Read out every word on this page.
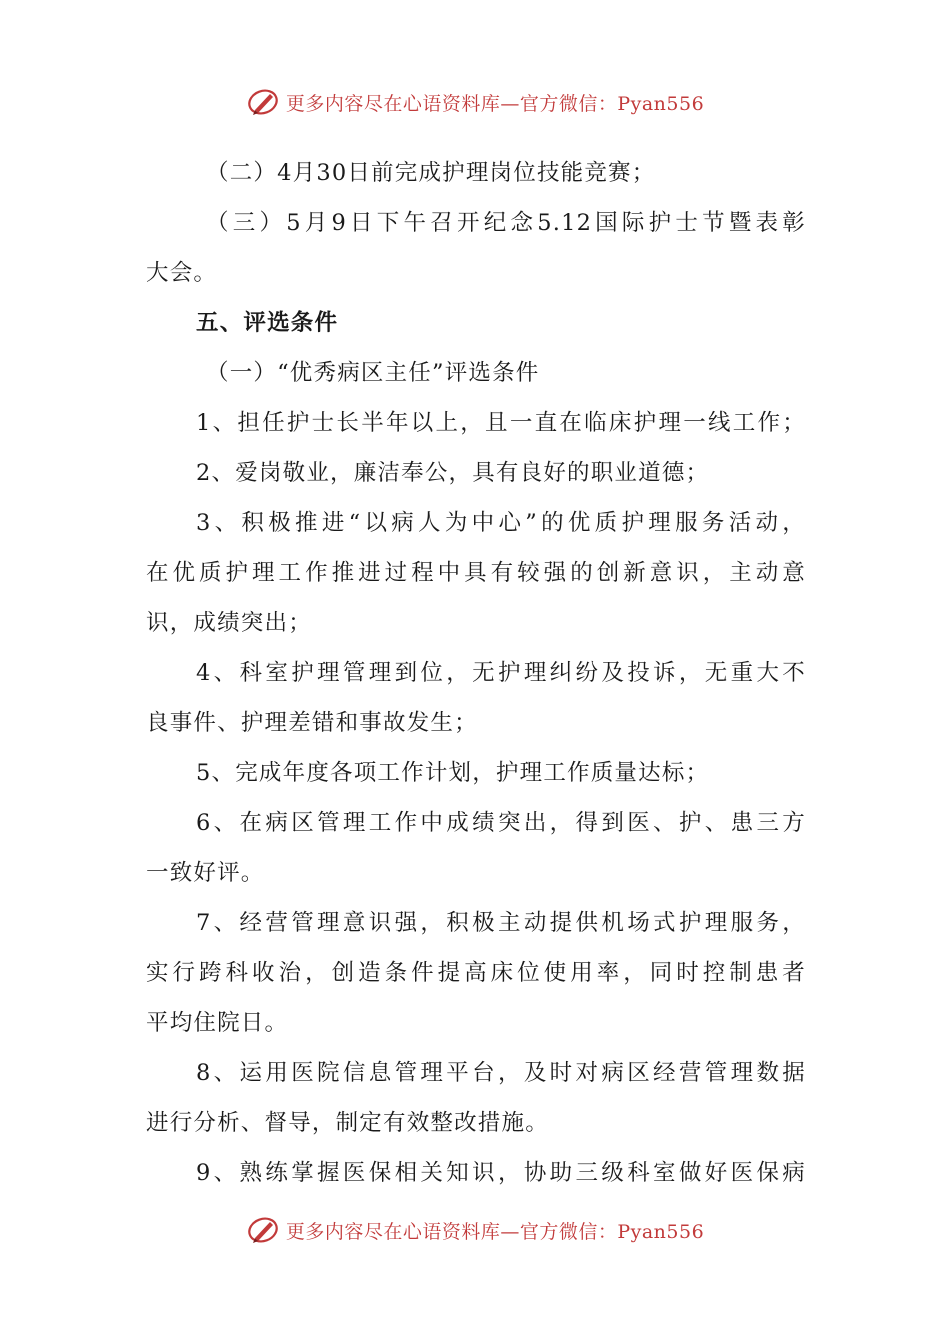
更多内容尽在心语资料库—官方微信：Pyan556
（二）4月30日前完成护理岗位技能竞赛；
（三）5月9日下午召开纪念5.12国际护士节暨表彰
大会。
五、评选条件
（一）“优秀病区主任”评选条件
1、担任护士长半年以上，且一直在临床护理一线工作；
2、爱岗敬业，廉洁奉公，具有良好的职业道德；
3、积极推进“以病人为中心”的优质护理服务活动，
在优质护理工作推进过程中具有较强的创新意识，主动意
识，成绩突出；
4、科室护理管理到位，无护理纠纷及投诉，无重大不
良事件、护理差错和事故发生；
5、完成年度各项工作计划，护理工作质量达标；
6、在病区管理工作中成绩突出，得到医、护、患三方
一致好评。
7、经营管理意识强，积极主动提供机场式护理服务，
实行跨科收治，创造条件提高床位使用率，同时控制患者
平均住院日。
8、运用医院信息管理平台，及时对病区经营管理数据
进行分析、督导，制定有效整改措施。
9、熟练掌握医保相关知识，协助三级科室做好医保病
更多内容尽在心语资料库—官方微信：Pyan556
